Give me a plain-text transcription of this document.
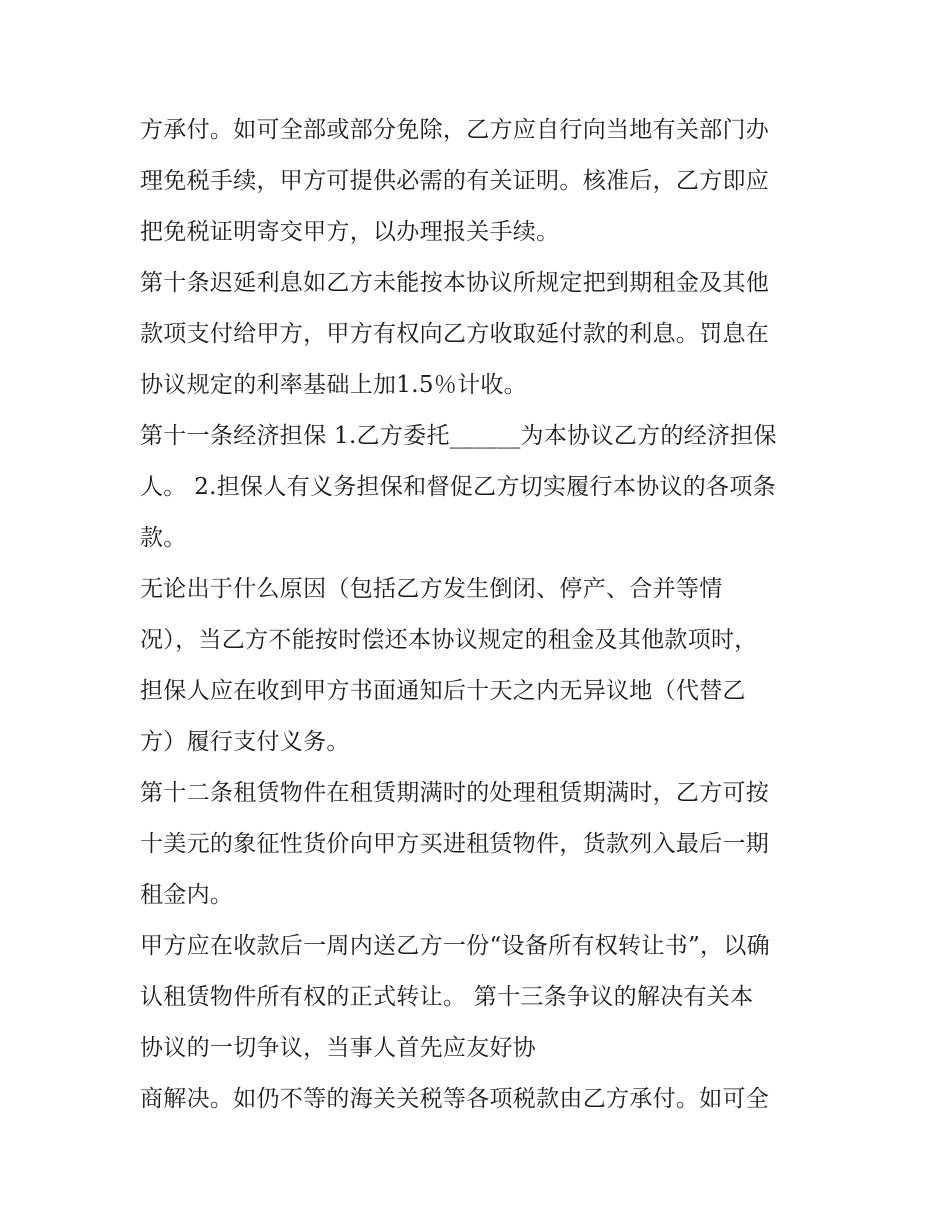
方承付。如可全部或部分免除，乙方应自行向当地有关部门办
理免税手续，甲方可提供必需的有关证明。核准后，乙方即应
把免税证明寄交甲方，以办理报关手续。
第十条迟延利息如乙方未能按本协议所规定把到期租金及其他
款项支付给甲方，甲方有权向乙方收取延付款的利息。罚息在
协议规定的利率基础上加1.5％计收。
第十一条经济担保 1.乙方委托______为本协议乙方的经济担保
人。 2.担保人有义务担保和督促乙方切实履行本协议的各项条
款。
无论出于什么原因（包括乙方发生倒闭、停产、合并等情
况），当乙方不能按时偿还本协议规定的租金及其他款项时，
担保人应在收到甲方书面通知后十天之内无异议地（代替乙
方）履行支付义务。
第十二条租赁物件在租赁期满时的处理租赁期满时，乙方可按
十美元的象征性货价向甲方买进租赁物件，货款列入最后一期
租金内。
甲方应在收款后一周内送乙方一份“设备所有权转让书”，以确
认租赁物件所有权的正式转让。 第十三条争议的解决有关本
协议的一切争议，当事人首先应友好协
商解决。如仍不等的海关关税等各项税款由乙方承付。如可全
